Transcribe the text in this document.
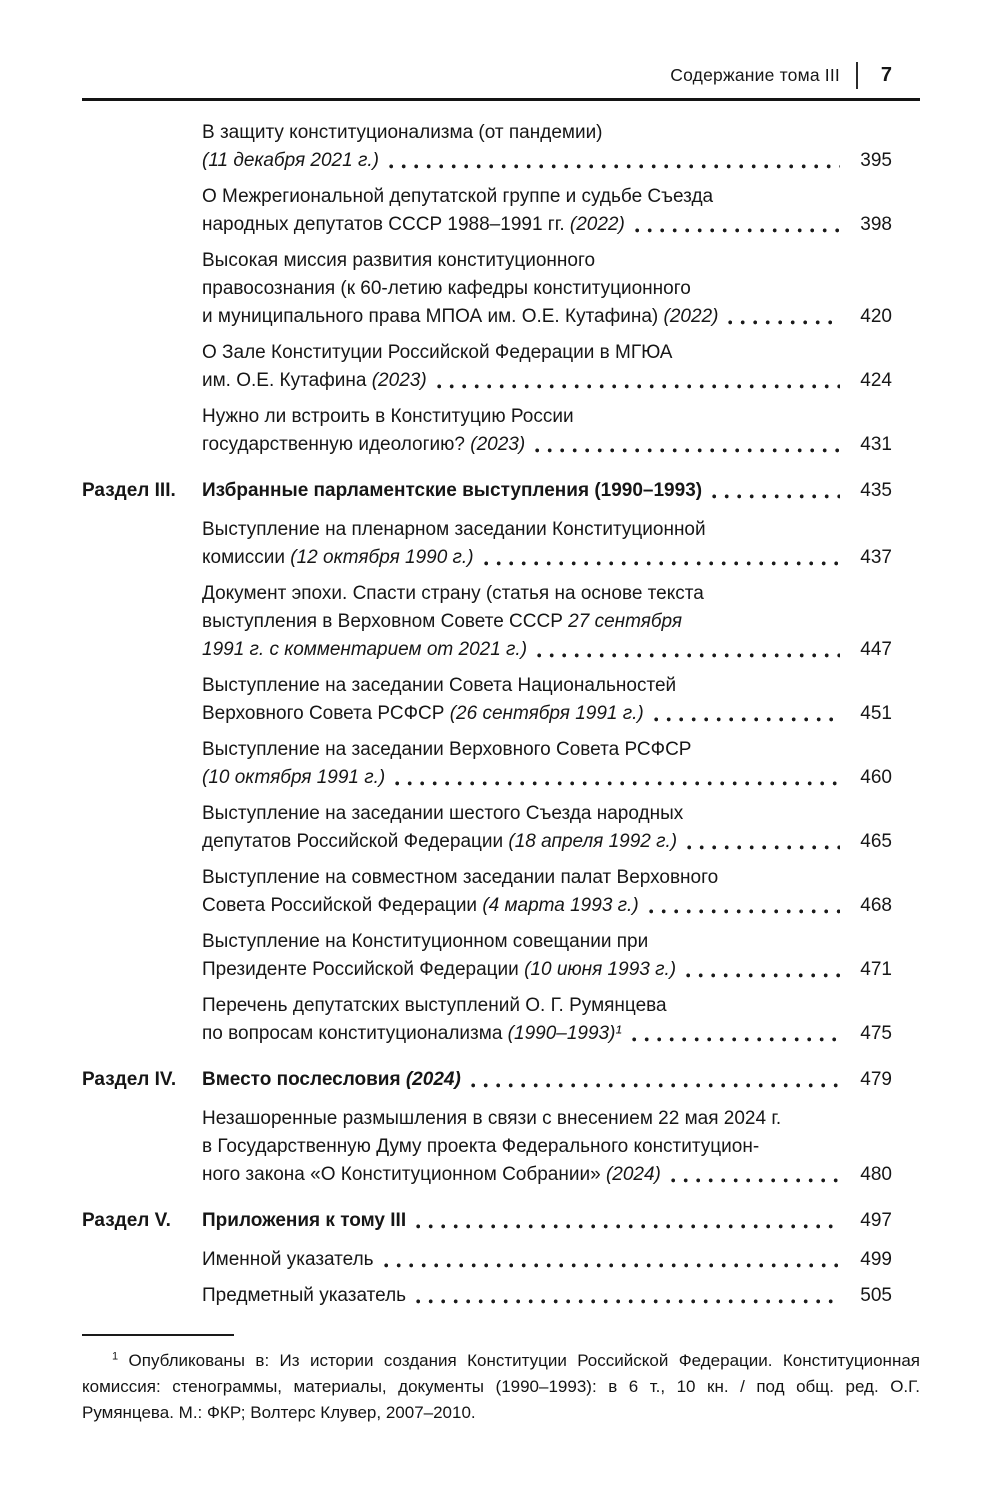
Содержание тома III	7
В защиту конституционализма (от пандемии)
(11 декабря 2021 г.)	395
О Межрегиональной депутатской группе и судьбе Съезда
народных депутатов СССР 1988–1991 гг. (2022)	398
Высокая миссия развития конституционного
правосознания (к 60-летию кафедры конституционного
и муниципального права МПОА им. О.Е. Кутафина) (2022)	420
О Зале Конституции Российской Федерации в МГЮА
им. О.Е. Кутафина (2023)	424
Нужно ли встроить в Конституцию России
государственную идеологию? (2023)	431
Раздел III.	Избранные парламентские выступления (1990–1993)	435
Выступление на пленарном заседании Конституционной
комиссии (12 октября 1990 г.)	437
Документ эпохи. Спасти страну (статья на основе текста
выступления в Верховном Совете СССР 27 сентября
1991 г. с комментарием от 2021 г.)	447
Выступление на заседании Совета Национальностей
Верховного Совета РСФСР (26 сентября 1991 г.)	451
Выступление на заседании Верховного Совета РСФСР
(10 октября 1991 г.)	460
Выступление на заседании шестого Съезда народных
депутатов Российской Федерации (18 апреля 1992 г.)	465
Выступление на совместном заседании палат Верховного
Совета Российской Федерации (4 марта 1993 г.)	468
Выступление на Конституционном совещании при
Президенте Российской Федерации (10 июня 1993 г.)	471
Перечень депутатских выступлений О. Г. Румянцева
по вопросам конституционализма (1990–1993)¹	475
Раздел IV.	Вместо послесловия (2024)	479
Незашоренные размышления в связи с внесением 22 мая 2024 г.
в Государственную Думу проекта Федерального конституцион-
ного закона «О Конституционном Собрании» (2024)	480
Раздел V.	Приложения к тому III	497
Именной указатель	499
Предметный указатель	505

$^1$ Опубликованы в: Из истории создания Конституции Российской Федерации. Конституционная комиссия: стенограммы, материалы, документы (1990–1993): в 6 т., 10 кн. / под общ. ред. О.Г. Румянцева. М.: ФКР; Волтерс Клувер, 2007–2010.
